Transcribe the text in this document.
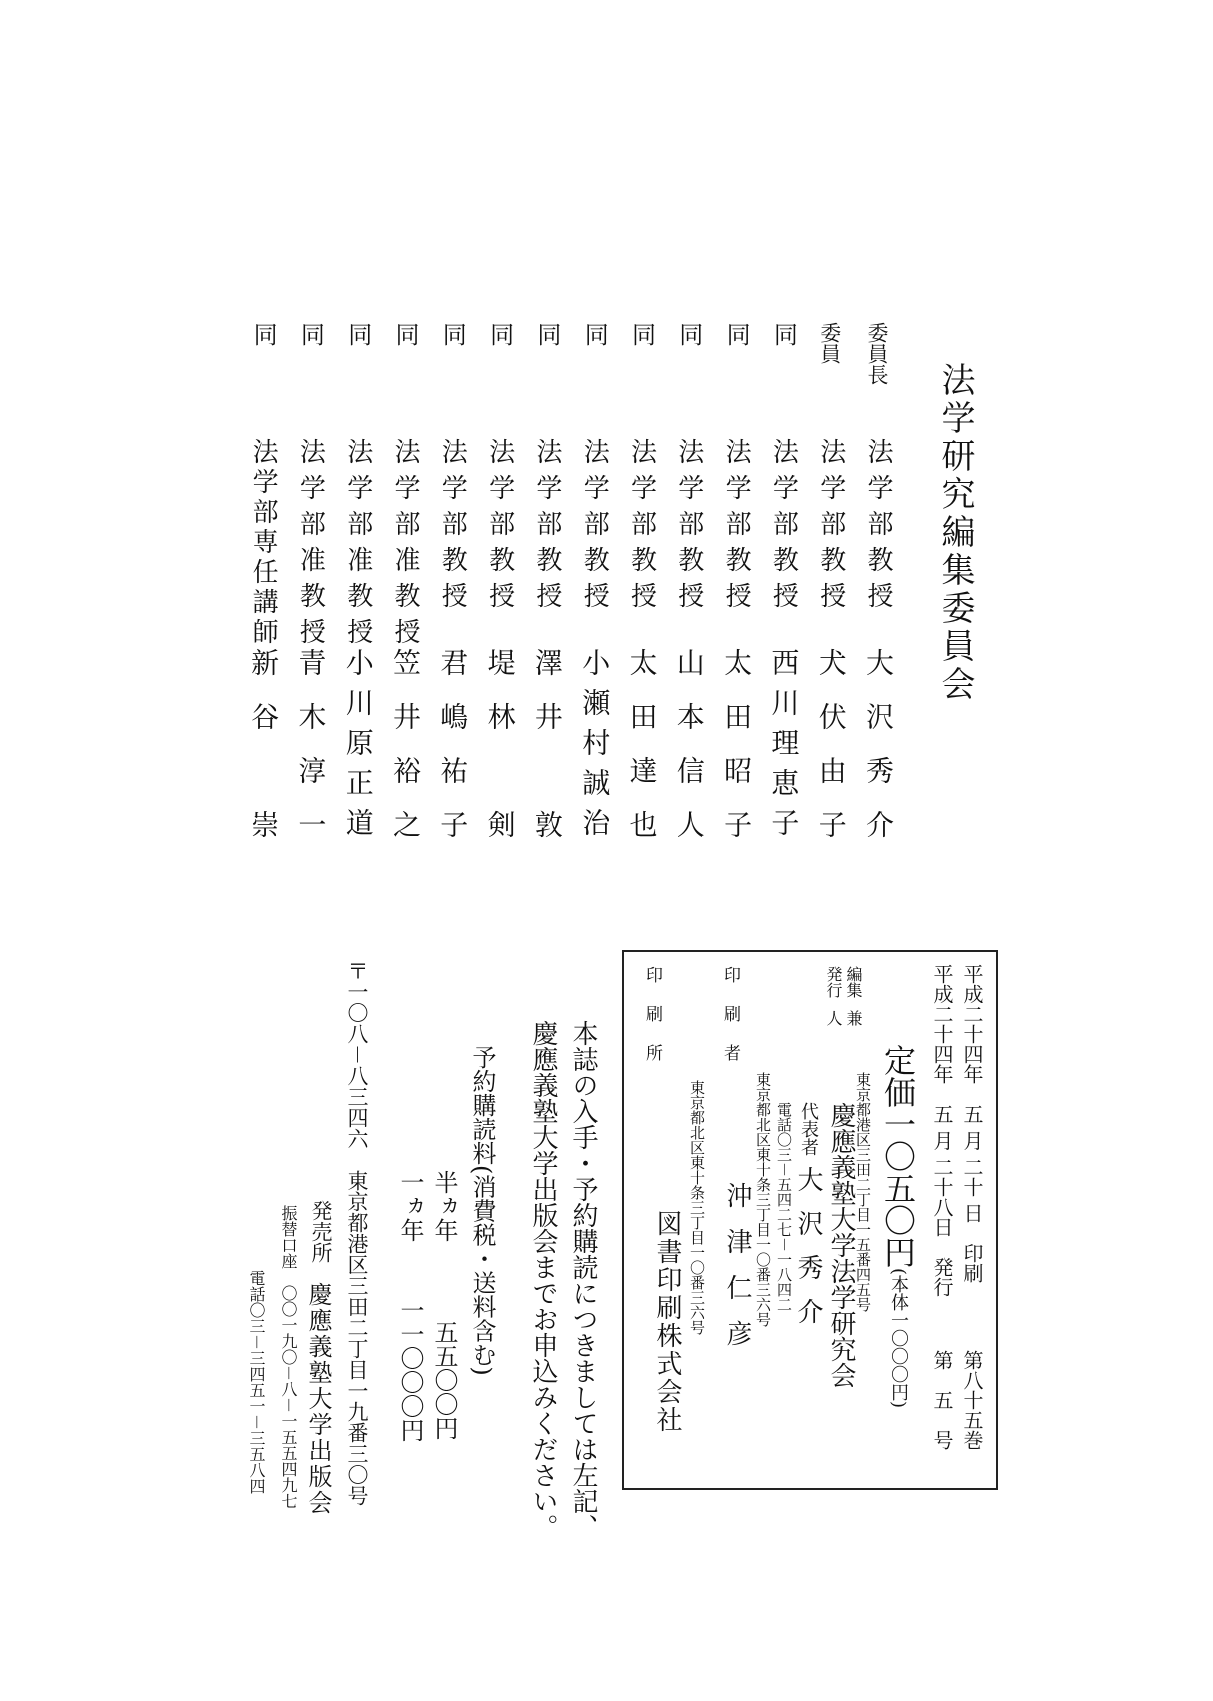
法学研究編集委員会
委員長
法学部教授
大沢秀介
委員
法学部教授
犬伏由子
同
法学部教授
西川理恵子
同
法学部教授
太田昭子
同
法学部教授
山本信人
同
法学部教授
太田達也
同
法学部教授
小瀬村誠治
同
法学部教授
澤井　敦
同
法学部教授
堤林　剣
同
法学部教授
君嶋祐子
同
法学部准教授
笠井裕之
同
法学部准教授
小川原正道
同
法学部准教授
青木淳一
同
法学部専任講師
新谷　崇
平成二十四年　五 月 二十 日　印刷
第八十五巻
平成二十四年　五 月 二十八日　発行
第　五　号
編集
兼
発行
人
定価一〇五〇円(本体一〇〇〇円)
東京都港区三田二丁目一五番四五号
慶應義塾大学法学研究会
代表者
大沢秀介
電話〇三－五四二七－一八四二
印刷者
東京都北区東十条三丁目一〇番三六号
沖津仁彦
印刷所
東京都北区東十条三丁目一〇番三六号
図書印刷株式会社
本誌の入手・予約購読につきましては左記、
慶應義塾大学出版会までお申込みください。
予約購読料(消費税・送料含む)
半ヵ年
五五〇〇円
一ヵ年
一一〇〇〇円
〒一〇八－八三四六　東京都港区三田二丁目一九番三〇号
発売所
慶應義塾大学出版会
振替口座　〇〇一九〇－八－一五五四九七
電話〇三－三四五一－三五八四
